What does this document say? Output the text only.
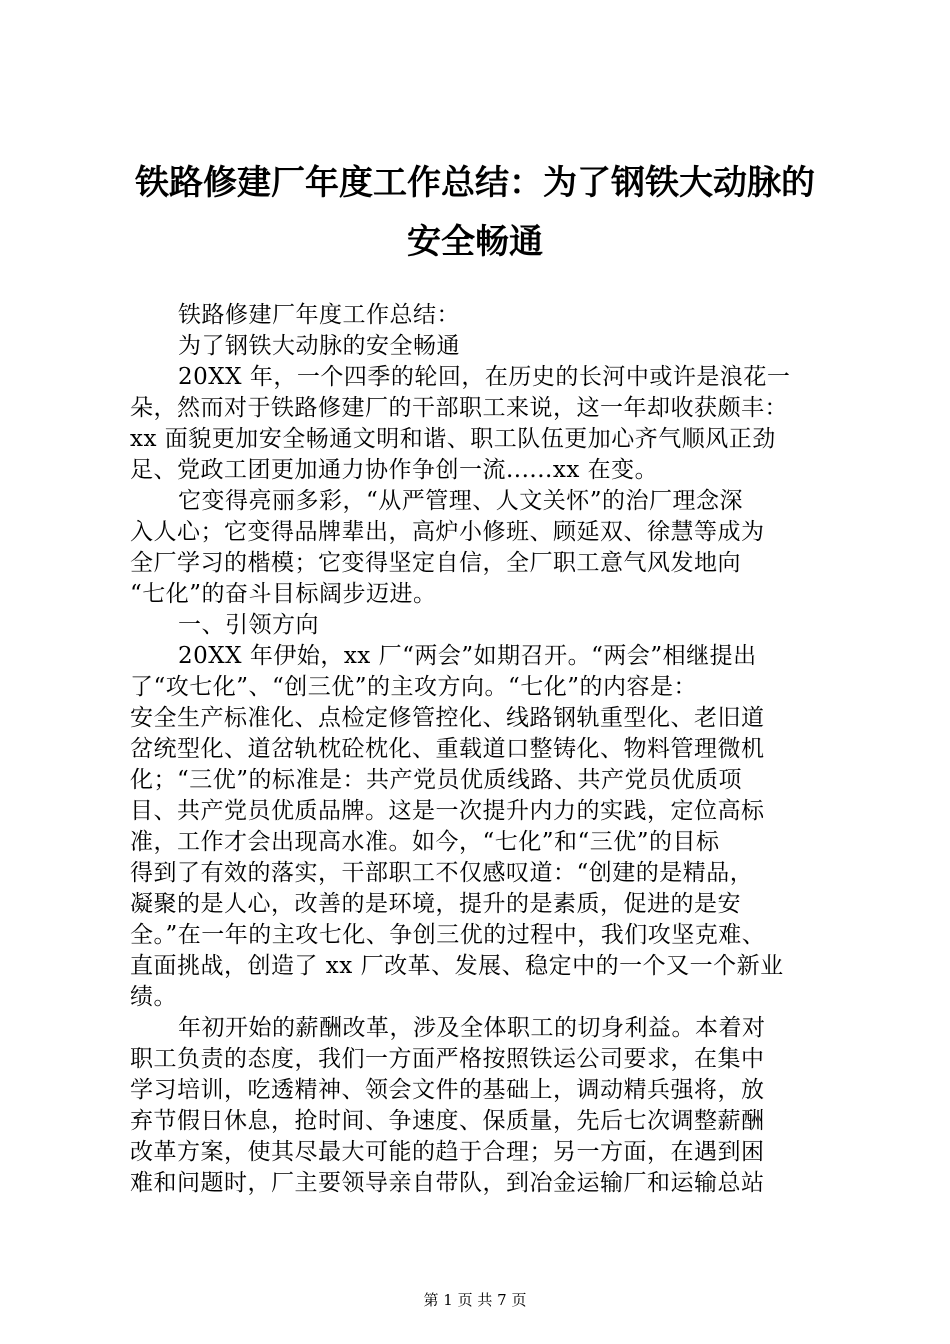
铁路修建厂年度工作总结：为了钢铁大动脉的
安全畅通
铁路修建厂年度工作总结：
为了钢铁大动脉的安全畅通
20XX 年，一个四季的轮回，在历史的长河中或许是浪花一
朵，然而对于铁路修建厂的干部职工来说，这一年却收获颇丰：
xx 面貌更加安全畅通文明和谐、职工队伍更加心齐气顺风正劲
足、党政工团更加通力协作争创一流......xx 在变。
它变得亮丽多彩，“从严管理、人文关怀”的治厂理念深
入人心；它变得品牌辈出，高炉小修班、顾延双、徐慧等成为
全厂学习的楷模；它变得坚定自信，全厂职工意气风发地向
“七化”的奋斗目标阔步迈进。
一、引领方向
20XX 年伊始，xx 厂“两会”如期召开。“两会”相继提出
了“攻七化”、“创三优”的主攻方向。“七化”的内容是：
安全生产标准化、点检定修管控化、线路钢轨重型化、老旧道
岔统型化、道岔轨枕砼枕化、重载道口整铸化、物料管理微机
化；“三优”的标准是：共产党员优质线路、共产党员优质项
目、共产党员优质品牌。这是一次提升内力的实践，定位高标
准，工作才会出现高水准。如今，“七化”和“三优”的目标
得到了有效的落实，干部职工不仅感叹道：“创建的是精品，
凝聚的是人心，改善的是环境，提升的是素质，促进的是安
全。”在一年的主攻七化、争创三优的过程中，我们攻坚克难、
直面挑战，创造了 xx 厂改革、发展、稳定中的一个又一个新业
绩。
年初开始的薪酬改革，涉及全体职工的切身利益。本着对
职工负责的态度，我们一方面严格按照铁运公司要求，在集中
学习培训，吃透精神、领会文件的基础上，调动精兵强将，放
弃节假日休息，抢时间、争速度、保质量，先后七次调整薪酬
改革方案，使其尽最大可能的趋于合理；另一方面，在遇到困
难和问题时，厂主要领导亲自带队，到冶金运输厂和运输总站
第 1 页 共 7 页
